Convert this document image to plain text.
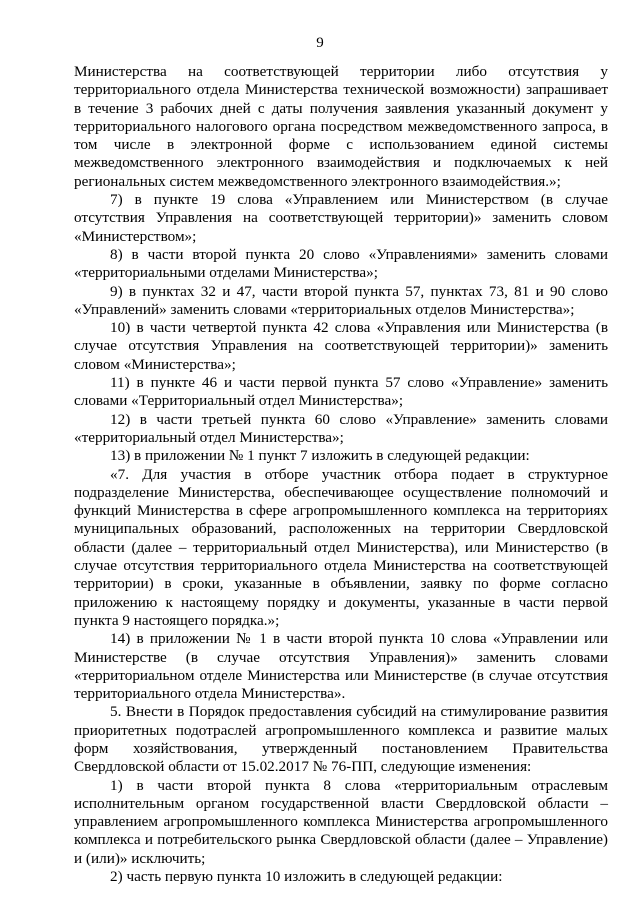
9

Министерства на соответствующей территории либо отсутствия у территориального отдела Министерства технической возможности) запрашивает в течение 3 рабочих дней с даты получения заявления указанный документ у территориального налогового органа посредством межведомственного запроса, в том числе в электронной форме с использованием единой системы межведомственного электронного взаимодействия и подключаемых к ней региональных систем межведомственного электронного взаимодействия.»;

7) в пункте 19 слова «Управлением или Министерством (в случае отсутствия Управления на соответствующей территории)» заменить словом «Министерством»;

8) в части второй пункта 20 слово «Управлениями» заменить словами «территориальными отделами Министерства»;

9) в пунктах 32 и 47, части второй пункта 57, пунктах 73, 81 и 90 слово «Управлений» заменить словами «территориальных отделов Министерства»;

10) в части четвертой пункта 42 слова «Управления или Министерства (в случае отсутствия Управления на соответствующей территории)» заменить словом «Министерства»;

11) в пункте 46 и части первой пункта 57 слово «Управление» заменить словами «Территориальный отдел Министерства»;

12) в части третьей пункта 60 слово «Управление» заменить словами «территориальный отдел Министерства»;

13) в приложении № 1 пункт 7 изложить в следующей редакции:

«7. Для участия в отборе участник отбора подает в структурное подразделение Министерства, обеспечивающее осуществление полномочий и функций Министерства в сфере агропромышленного комплекса на территориях муниципальных образований, расположенных на территории Свердловской области (далее – территориальный отдел Министерства), или Министерство (в случае отсутствия территориального отдела Министерства на соответствующей территории) в сроки, указанные в объявлении, заявку по форме согласно приложению к настоящему порядку и документы, указанные в части первой пункта 9 настоящего порядка.»;

14) в приложении № 1 в части второй пункта 10 слова «Управлении или Министерстве (в случае отсутствия Управления)» заменить словами «территориальном отделе Министерства или Министерстве (в случае отсутствия территориального отдела Министерства».

5. Внести в Порядок предоставления субсидий на стимулирование развития приоритетных подотраслей агропромышленного комплекса и развитие малых форм хозяйствования, утвержденный постановлением Правительства Свердловской области от 15.02.2017 № 76-ПП, следующие изменения:

1) в части второй пункта 8 слова «территориальным отраслевым исполнительным органом государственной власти Свердловской области – управлением агропромышленного комплекса Министерства агропромышленного комплекса и потребительского рынка Свердловской области (далее – Управление) и (или)» исключить;

2) часть первую пункта 10 изложить в следующей редакции:
